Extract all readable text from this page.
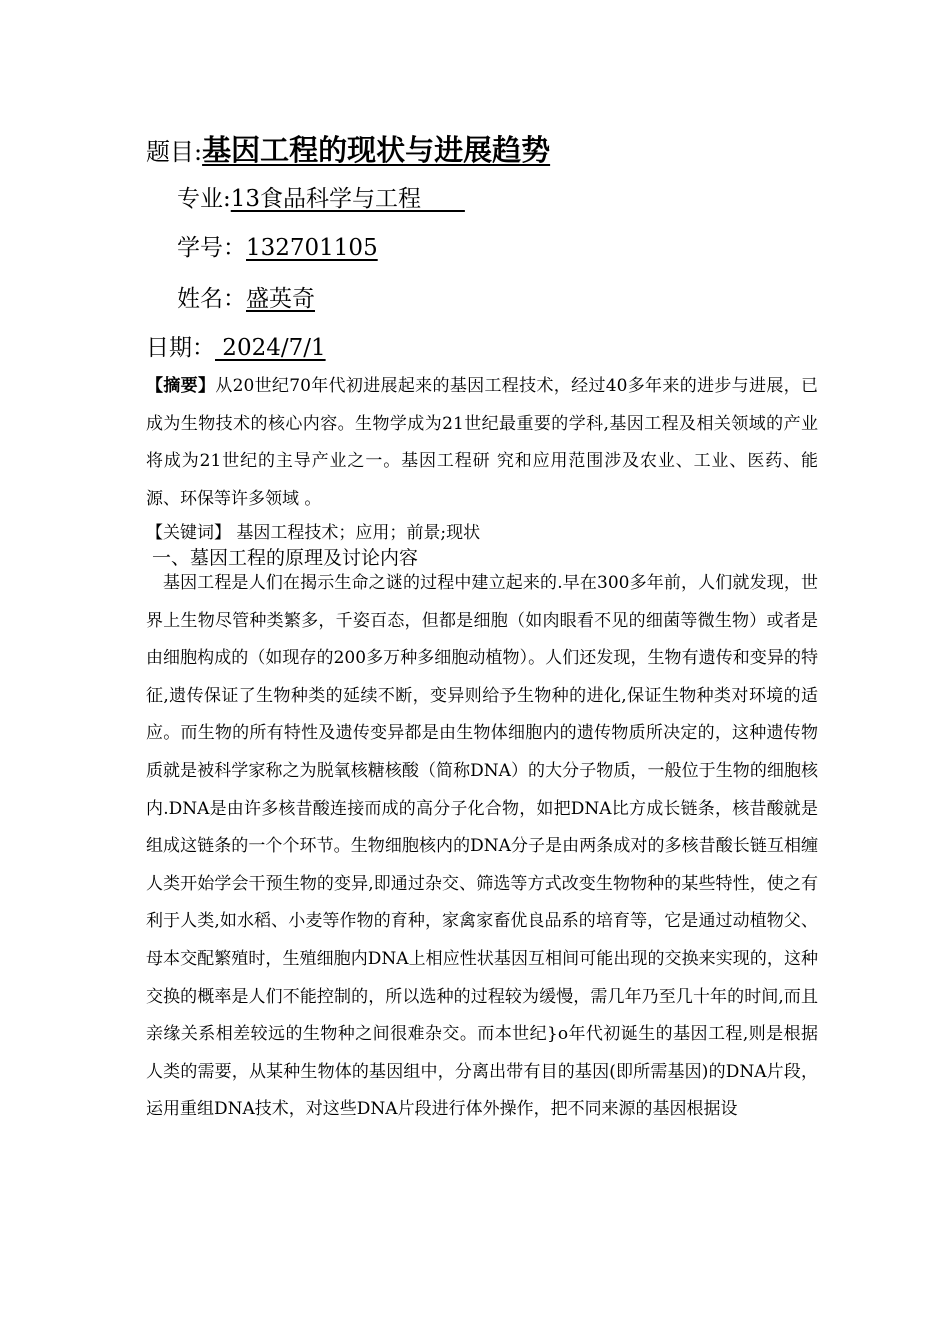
题目:基因工程的现状与进展趋势
专业:13食品科学与工程
学号：132701105
姓名：盛英奇
日期： 2024/7/1
【摘要】从20世纪70年代初进展起来的基因工程技术，经过40多年来的进步与进展，已成为生物技术的核心内容。生物学成为21世纪最重要的学科,基因工程及相关领域的产业将成为21世纪的主导产业之一。基因工程研 究和应用范围涉及农业、工业、医药、能源、环保等许多领域 。
【关键词】 基因工程技术；应用；前景;现状
一、墓因工程的原理及讨论内容
基因工程是人们在揭示生命之谜的过程中建立起来的.早在300多年前，人们就发现，世界上生物尽管种类繁多，千姿百态，但都是细胞（如肉眼看不见的细菌等微生物）或者是由细胞构成的（如现存的200多万种多细胞动植物）。人们还发现，生物有遗传和变异的特征,遗传保证了生物种类的延续不断，变异则给予生物种的进化,保证生物种类对环境的适应。而生物的所有特性及遗传变异都是由生物体细胞内的遗传物质所决定的，这种遗传物质就是被科学家称之为脱氧核糖核酸（简称DNA）的大分子物质，一般位于生物的细胞核内.DNA是由许多核昔酸连接而成的高分子化合物，如把DNA比方成长链条，核昔酸就是组成这链条的一个个环节。生物细胞核内的DNA分子是由两条成对的多核昔酸长链互相缠人类开始学会干预生物的变异,即通过杂交、筛选等方式改变生物物种的某些特性，使之有利于人类,如水稻、小麦等作物的育种，家禽家畜优良品系的培育等，它是通过动植物父、母本交配繁殖时，生殖细胞内DNA上相应性状基因互相间可能出现的交换来实现的，这种交换的概率是人们不能控制的，所以选种的过程较为缓慢，需几年乃至几十年的时间,而且亲缘关系相差较远的生物种之间很难杂交。而本世纪}o年代初诞生的基因工程,则是根据人类的需要，从某种生物体的基因组中，分离出带有目的基因(即所需基因)的DNA片段，运用重组DNA技术，对这些DNA片段进行体外操作，把不同来源的基因根据设
